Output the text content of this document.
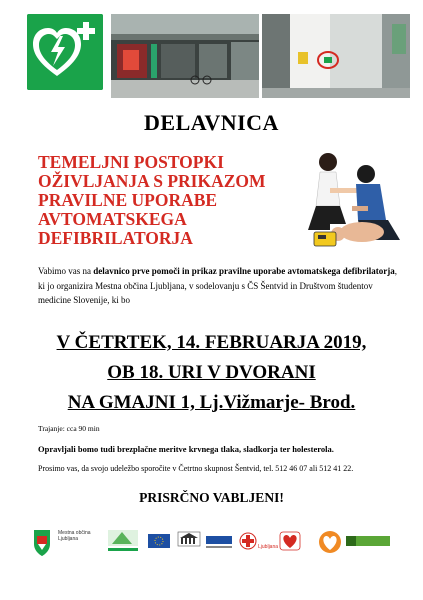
DELAVNICA
TEMELJNI POSTOPKI
OŽIVLJANJA S PRIKAZOM
PRAVILNE UPORABE
AVTOMATSKEGA
DEFIBRILATORJA
Vabimo vas na delavnico prve pomoči in prikaz pravilne uporabe avtomatskega defibrilatorja, ki jo organizira Mestna občina Ljubljana, v sodelovanju s ČS Šentvid in Društvom študentov medicine Slovenije, ki bo
V ČETRTEK, 14. FEBRUARJA 2019,
OB 18. URI V DVORANI
NA GMAJNI 1, Lj.Vižmarje- Brod.
Trajanje: cca 90 min
Opravljali bomo tudi brezplačne meritve krvnega tlaka, sladkorja ter holesterola.
Prosimo vas, da svojo udeležbo sporočite v Četrtno skupnost Šentvid, tel. 512 46 07 ali 512 41 22.
PRISRČNO VABLJENI!
Mestna občina
Ljubljana
Ljubljana
